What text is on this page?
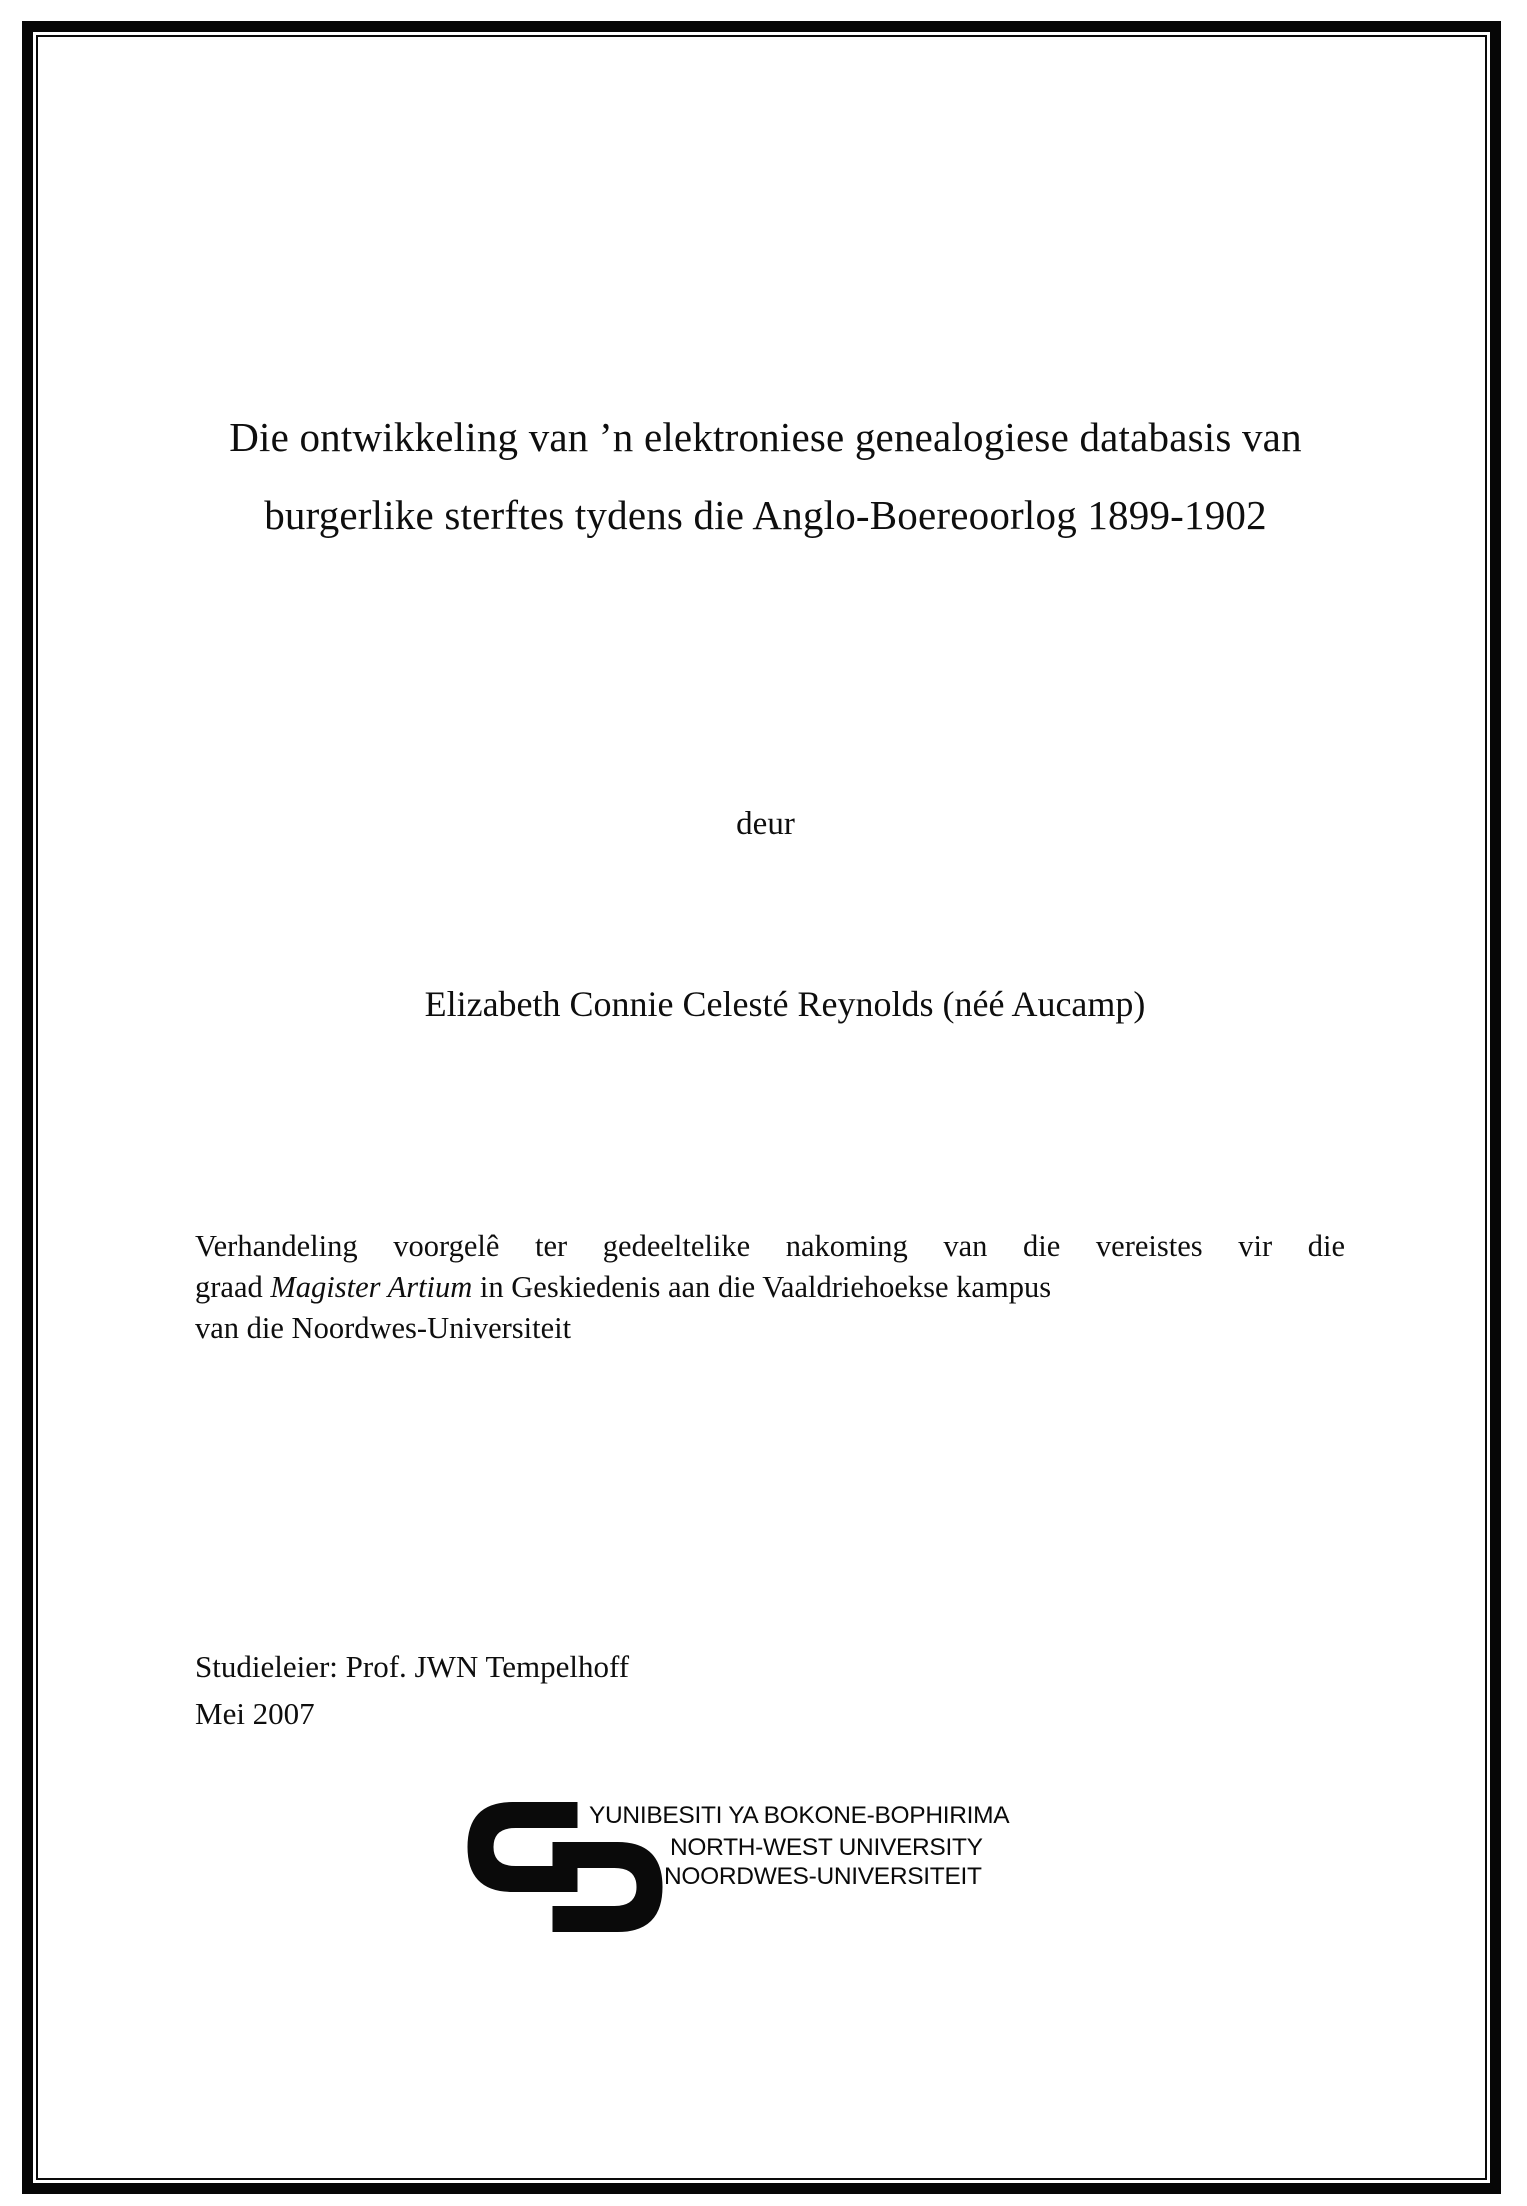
Die ontwikkeling van ’n elektroniese genealogiese databasis van
burgerlike sterftes tydens die Anglo-Boereoorlog 1899-1902
deur
Elizabeth Connie Celesté Reynolds (néé Aucamp)

Verhandeling voorgelê ter gedeeltelike nakoming van die vereistes vir die

graad Magister Artium in Geskiedenis aan die Vaaldriehoekse kampus

van die Noordwes-Universiteit

Studieleier: Prof. JWN Tempelhoff
Mei 2007
YUNIBESITI YA BOKONE-BOPHIRIMA
NORTH-WEST UNIVERSITY
NOORDWES-UNIVERSITEIT
